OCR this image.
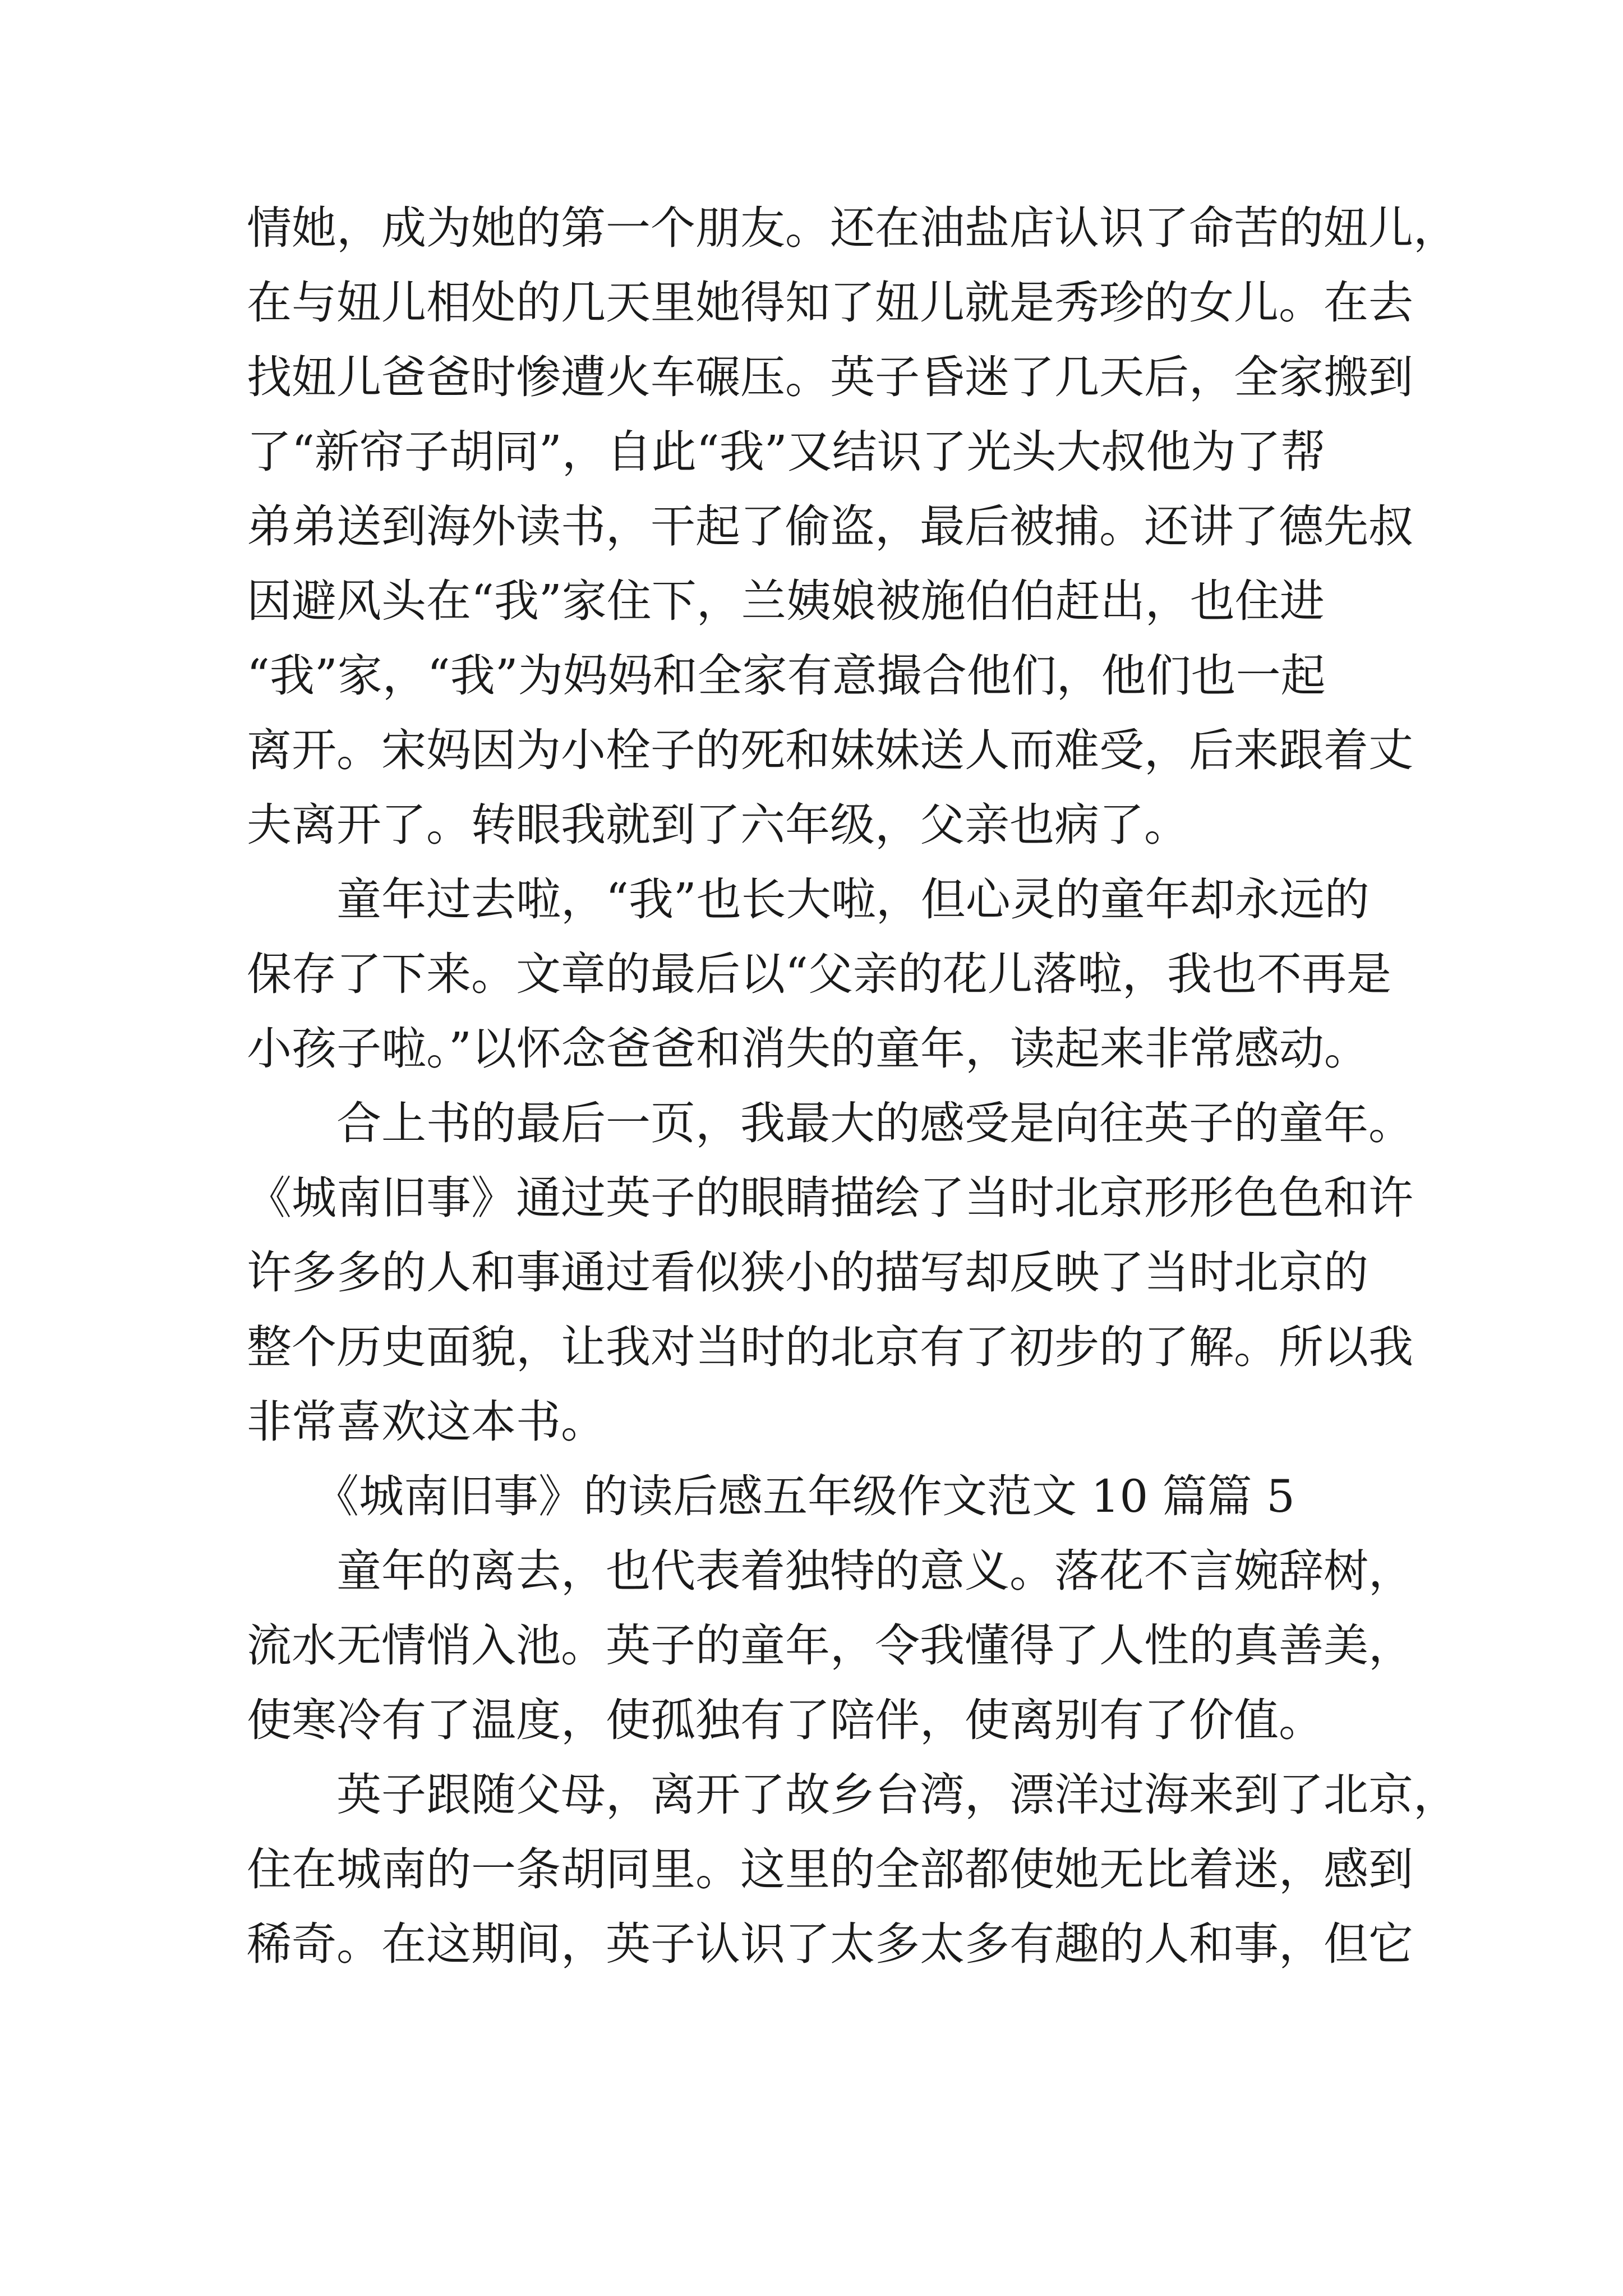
情她，成为她的第一个朋友。还在油盐店认识了命苦的妞儿，
在与妞儿相处的几天里她得知了妞儿就是秀珍的女儿。在去
找妞儿爸爸时惨遭火车碾压。英子昏迷了几天后，全家搬到
了“新帘子胡同”，自此“我”又结识了光头大叔他为了帮
弟弟送到海外读书，干起了偷盗，最后被捕。还讲了德先叔
因避风头在“我”家住下，兰姨娘被施伯伯赶出，也住进
“我”家，“我”为妈妈和全家有意撮合他们，他们也一起
离开。宋妈因为小栓子的死和妹妹送人而难受，后来跟着丈
夫离开了。转眼我就到了六年级，父亲也病了。
　　童年过去啦，“我”也长大啦，但心灵的童年却永远的
保存了下来。文章的最后以“父亲的花儿落啦，我也不再是
小孩子啦。”以怀念爸爸和消失的童年，读起来非常感动。
　　合上书的最后一页，我最大的感受是向往英子的童年。
《城南旧事》通过英子的眼睛描绘了当时北京形形色色和许
许多多的人和事通过看似狭小的描写却反映了当时北京的
整个历史面貌，让我对当时的北京有了初步的了解。所以我
非常喜欢这本书。
　　《城南旧事》的读后感五年级作文范文 10 篇篇 5
　　童年的离去，也代表着独特的意义。落花不言婉辞树，
流水无情悄入池。英子的童年，令我懂得了人性的真善美，
使寒冷有了温度，使孤独有了陪伴，使离别有了价值。
　　英子跟随父母，离开了故乡台湾，漂洋过海来到了北京，
住在城南的一条胡同里。这里的全部都使她无比着迷，感到
稀奇。在这期间，英子认识了太多太多有趣的人和事，但它
